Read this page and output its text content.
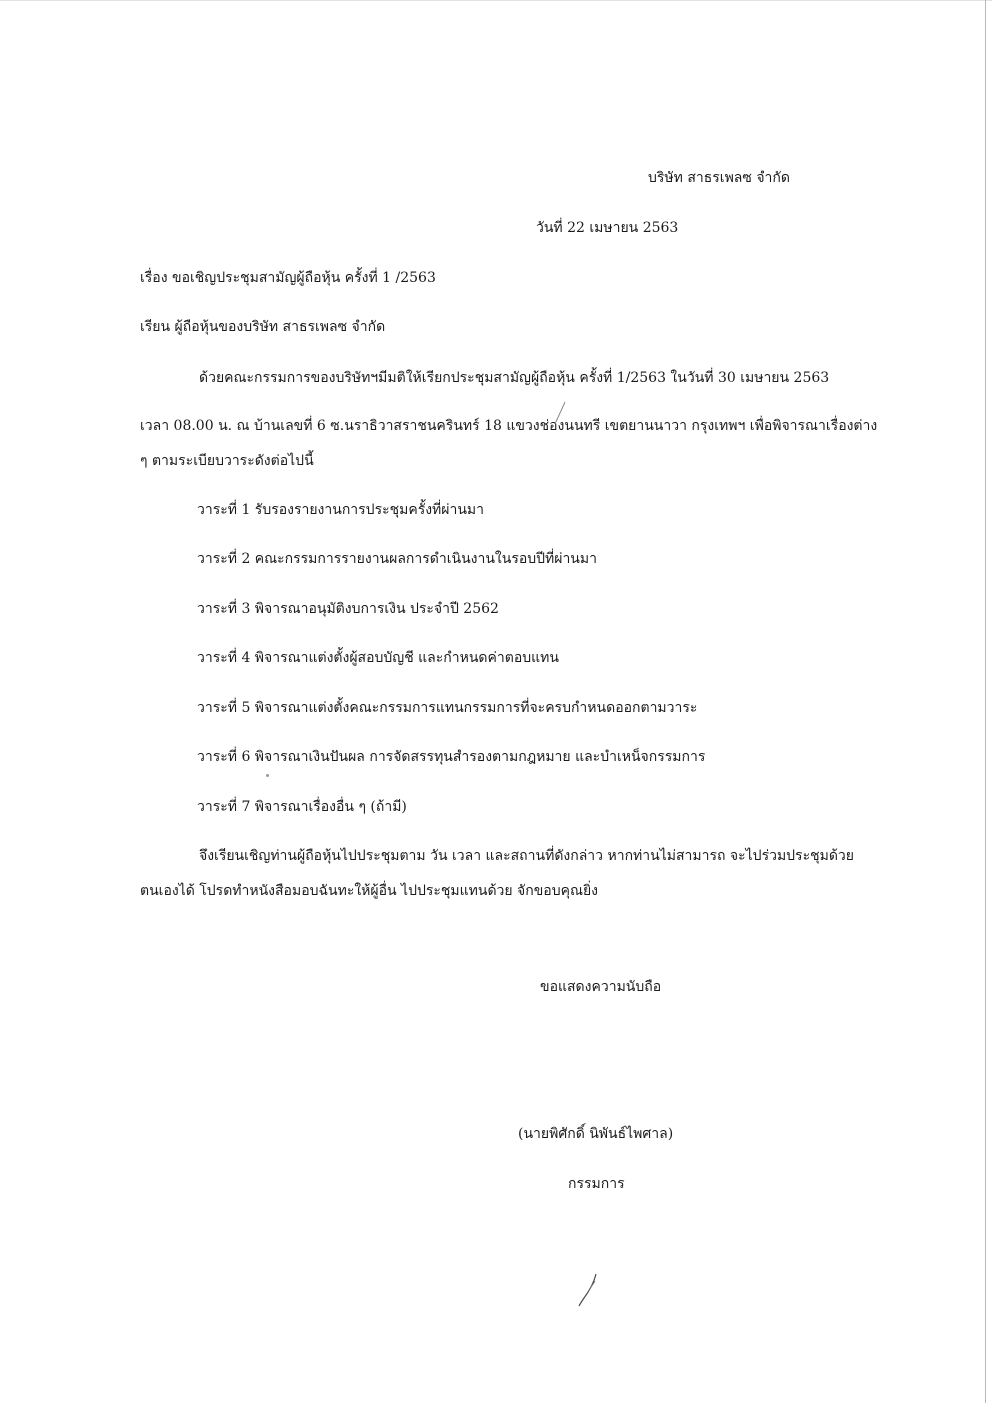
บริษัท สาธรเพลซ จำกัด
วันที่ 22 เมษายน 2563
เรื่อง ขอเชิญประชุมสามัญผู้ถือหุ้น ครั้งที่ 1 /2563
เรียน ผู้ถือหุ้นของบริษัท สาธรเพลซ จำกัด
ด้วยคณะกรรมการของบริษัทฯมีมติให้เรียกประชุมสามัญผู้ถือหุ้น ครั้งที่ 1/2563 ในวันที่ 30 เมษายน 2563
เวลา 08.00 น. ณ บ้านเลขที่ 6 ซ.นราธิวาสราชนครินทร์ 18 แขวงช่องนนทรี เขตยานนาวา กรุงเทพฯ เพื่อพิจารณาเรื่องต่าง
ๆ ตามระเบียบวาระดังต่อไปนี้
วาระที่ 1 รับรองรายงานการประชุมครั้งที่ผ่านมา
วาระที่ 2 คณะกรรมการรายงานผลการดำเนินงานในรอบปีที่ผ่านมา
วาระที่ 3 พิจารณาอนุมัติงบการเงิน ประจำปี 2562
วาระที่ 4 พิจารณาแต่งตั้งผู้สอบบัญชี และกำหนดค่าตอบแทน
วาระที่ 5 พิจารณาแต่งตั้งคณะกรรมการแทนกรรมการที่จะครบกำหนดออกตามวาระ
วาระที่ 6 พิจารณาเงินปันผล การจัดสรรทุนสำรองตามกฎหมาย และบำเหน็จกรรมการ
วาระที่ 7 พิจารณาเรื่องอื่น ๆ (ถ้ามี)
จึงเรียนเชิญท่านผู้ถือหุ้นไปประชุมตาม วัน เวลา และสถานที่ดังกล่าว หากท่านไม่สามารถ จะไปร่วมประชุมด้วย
ตนเองได้ โปรดทำหนังสือมอบฉันทะให้ผู้อื่น ไปประชุมแทนด้วย จักขอบคุณยิ่ง
ขอแสดงความนับถือ
(นายพิศักดิ์ นิพันธ์ไพศาล)
กรรมการ
